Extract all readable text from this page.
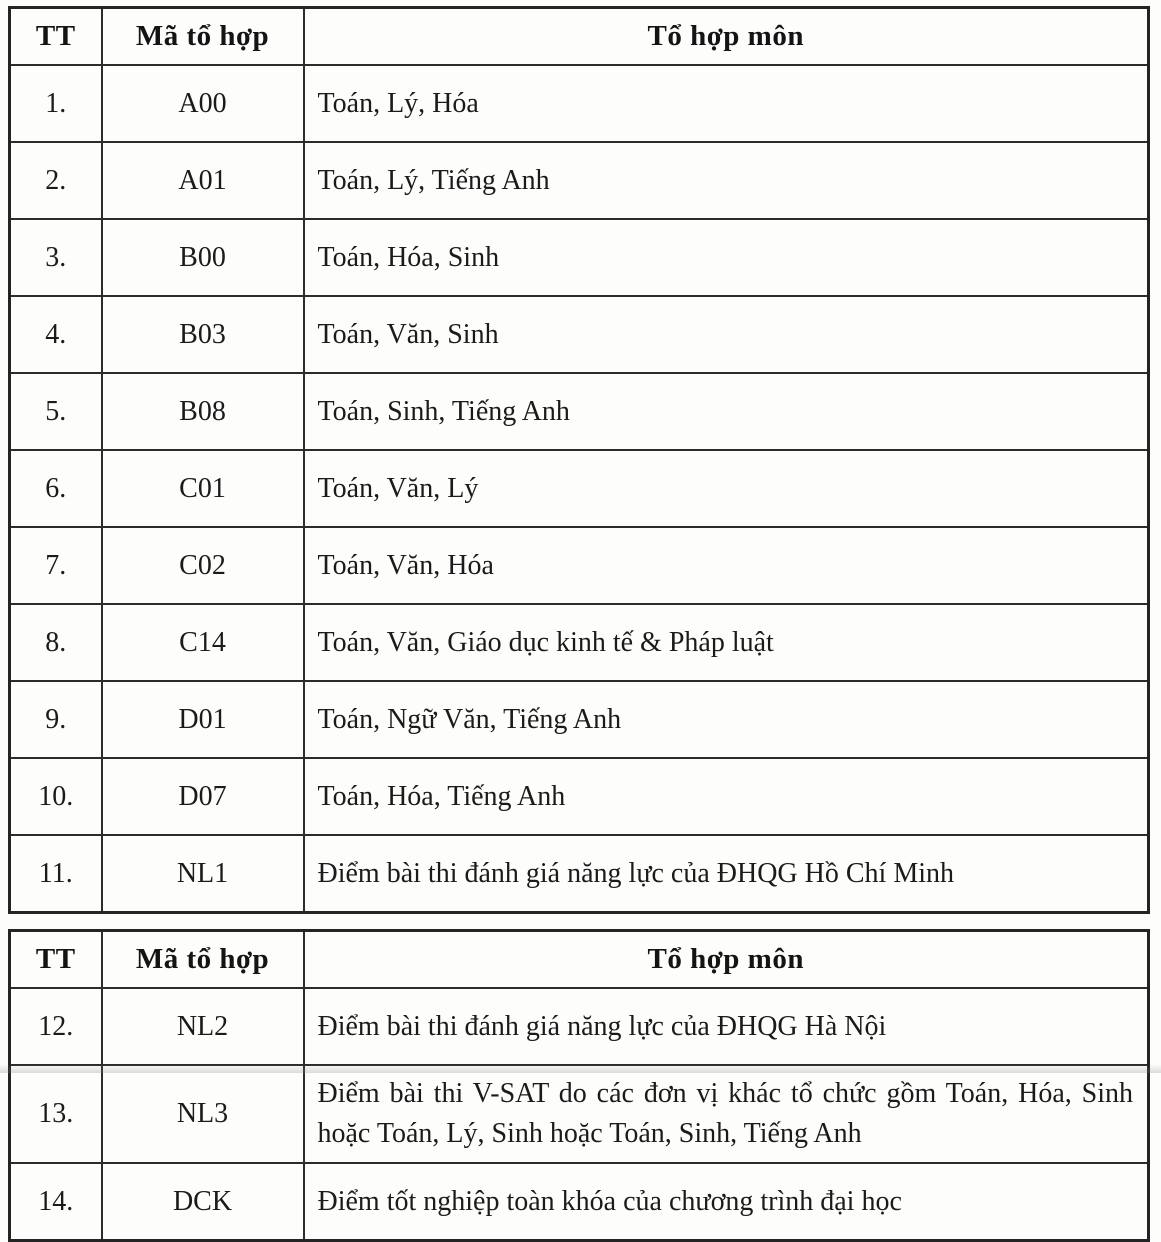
TT	Mã tổ hợp	Tổ hợp môn
1.	A00	Toán, Lý, Hóa
2.	A01	Toán, Lý, Tiếng Anh
3.	B00	Toán, Hóa, Sinh
4.	B03	Toán, Văn, Sinh
5.	B08	Toán, Sinh, Tiếng Anh
6.	C01	Toán, Văn, Lý
7.	C02	Toán, Văn, Hóa
8.	C14	Toán, Văn, Giáo dục kinh tế & Pháp luật
9.	D01	Toán, Ngữ Văn, Tiếng Anh
10.	D07	Toán, Hóa, Tiếng Anh
11.	NL1	Điểm bài thi đánh giá năng lực của ĐHQG Hồ Chí Minh
TT	Mã tổ hợp	Tổ hợp môn
12.	NL2	Điểm bài thi đánh giá năng lực của ĐHQG Hà Nội
13.	NL3	Điểm bài thi V-SAT do các đơn vị khác tổ chức gồm Toán, Hóa, Sinh hoặc Toán, Lý, Sinh hoặc Toán, Sinh, Tiếng Anh
14.	DCK	Điểm tốt nghiệp toàn khóa của chương trình đại học
